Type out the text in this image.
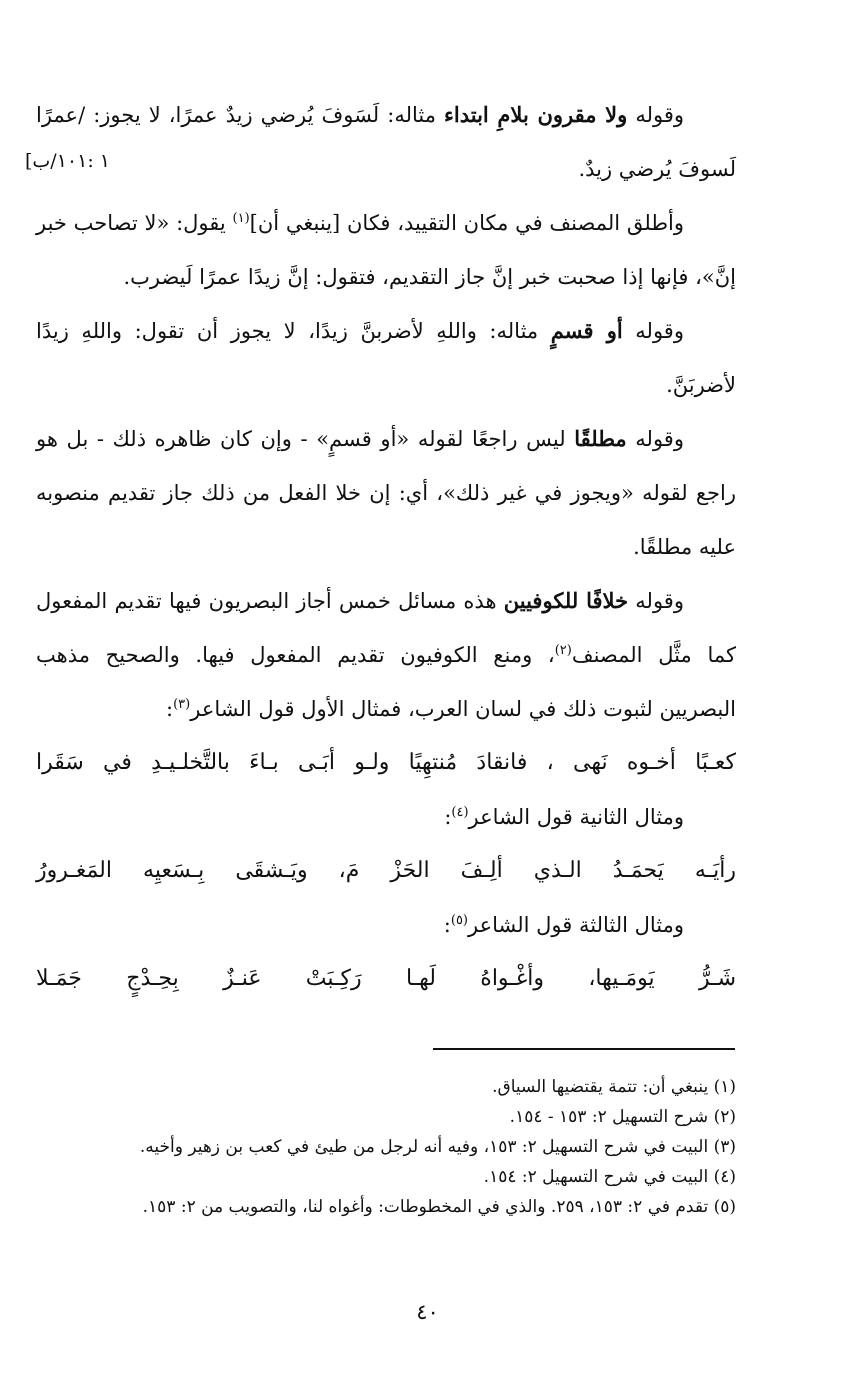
١ :١٠١/ب]

وقوله ولا مقرون بلامِ ابتداء مثاله: لَسَوفَ يُرضي زيدٌ عمرًا، لا يجوز: /عمرًا لَسوفَ يُرضي زيدٌ.

وأطلق المصنف في مكان التقييد، فكان [ينبغي أن]$^{(١)}$ يقول: «لا تصاحب خبر إنَّ»، فإنها إذا صحبت خبر إنَّ جاز التقديم، فتقول: إنَّ زيدًا عمرًا لَيضرب.

وقوله أو قسمٍ مثاله: واللهِ لأضربنَّ زيدًا، لا يجوز أن تقول: واللهِ زيدًا لأضربَنَّ.

وقوله مطلقًا ليس راجعًا لقوله «أو قسمٍ» - وإن كان ظاهره ذلك - بل هو راجع لقوله «ويجوز في غير ذلك»، أي: إن خلا الفعل من ذلك جاز تقديم منصوبه عليه مطلقًا.

وقوله خلافًا للكوفيين هذه مسائل خمس أجاز البصريون فيها تقديم المفعول كما مثَّل المصنف$^{(٢)}$، ومنع الكوفيون تقديم المفعول فيها. والصحيح مذهب البصريين لثبوت ذلك في لسان العرب، فمثال الأول قول الشاعر$^{(٣)}$:

كعـبًا أخـوه نَهى ، فانقادَ مُنتهِيًا ولـو أبَـى بـاءَ بالتَّخلـيـدِ في سَقَرا

ومثال الثانية قول الشاعر$^{(٤)}$:

رأيَـه يَحمَـدُ الـذي ألِـفَ الحَزْ مَ، ويَـشقَى بِـسَعيِه المَغـرورُ

ومثال الثالثة قول الشاعر$^{(٥)}$:

شَـرُّ يَومَـيها، وأغْـواهُ لَهـا رَكِـبَتْ عَنـزٌ بِحِـدْجٍ جَمَـلا

(١) ينبغي أن: تتمة يقتضيها السياق.

(٢) شرح التسهيل ٢: ١٥٣ - ١٥٤.

(٣) البيت في شرح التسهيل ٢: ١٥٣، وفيه أنه لرجل من طيئ في كعب بن زهير وأخيه.

(٤) البيت في شرح التسهيل ٢: ١٥٤.

(٥) تقدم في ٢: ١٥٣، ٢٥٩. والذي في المخطوطات: وأغواه لنا، والتصويب من ٢: ١٥٣.

٤٠
